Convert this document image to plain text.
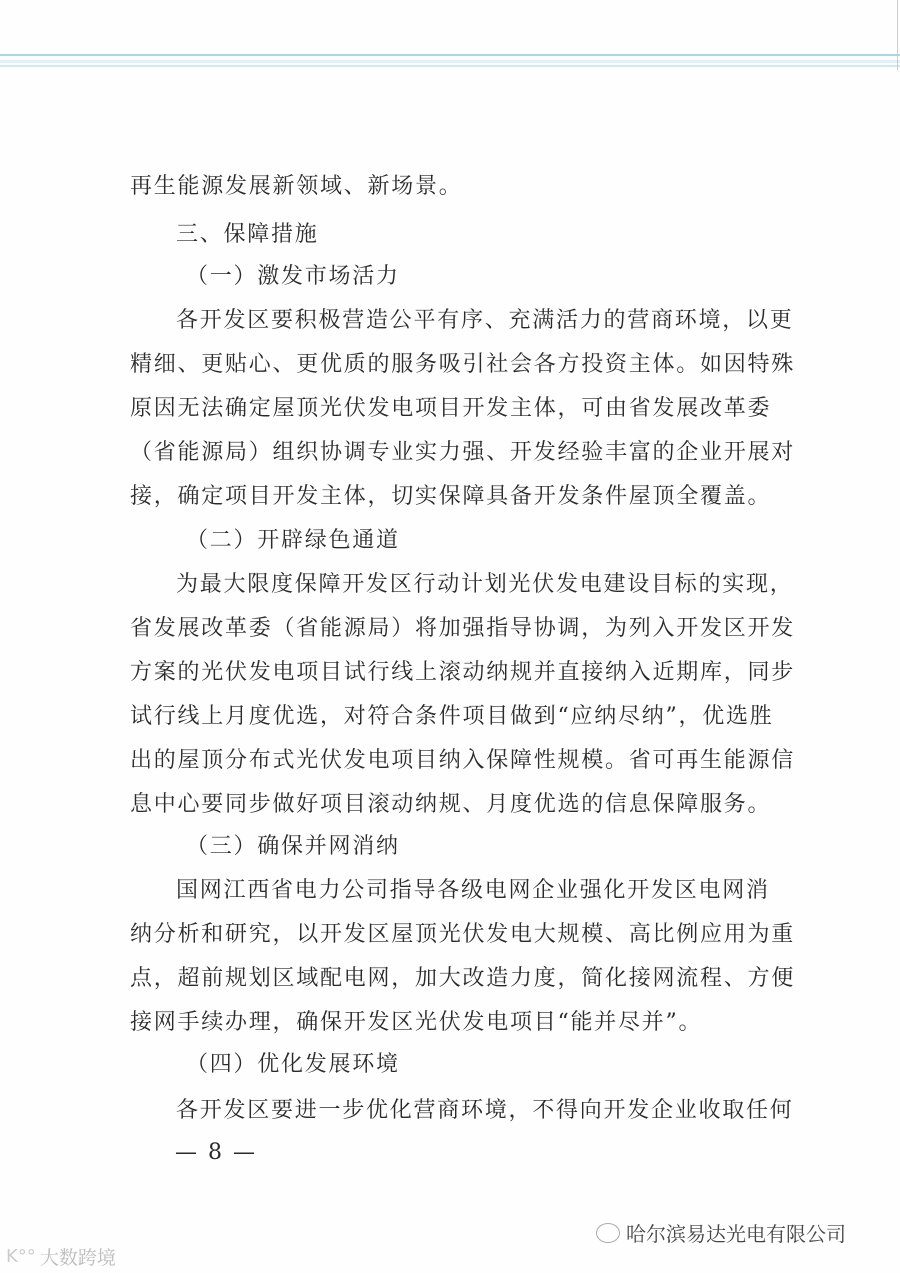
再生能源发展新领域、新场景。
三、保障措施
（一）激发市场活力
各开发区要积极营造公平有序、充满活力的营商环境，以更
精细、更贴心、更优质的服务吸引社会各方投资主体。如因特殊
原因无法确定屋顶光伏发电项目开发主体，可由省发展改革委
（省能源局）组织协调专业实力强、开发经验丰富的企业开展对
接，确定项目开发主体，切实保障具备开发条件屋顶全覆盖。
（二）开辟绿色通道
为最大限度保障开发区行动计划光伏发电建设目标的实现，
省发展改革委（省能源局）将加强指导协调，为列入开发区开发
方案的光伏发电项目试行线上滚动纳规并直接纳入近期库，同步
试行线上月度优选，对符合条件项目做到“应纳尽纳”，优选胜
出的屋顶分布式光伏发电项目纳入保障性规模。省可再生能源信
息中心要同步做好项目滚动纳规、月度优选的信息保障服务。
（三）确保并网消纳
国网江西省电力公司指导各级电网企业强化开发区电网消
纳分析和研究，以开发区屋顶光伏发电大规模、高比例应用为重
点，超前规划区域配电网，加大改造力度，简化接网流程、方便
接网手续办理，确保开发区光伏发电项目“能并尽并”。
（四）优化发展环境
各开发区要进一步优化营商环境，不得向开发企业收取任何
— 8 —
哈尔滨易达光电有限公司
K°° 大数跨境
